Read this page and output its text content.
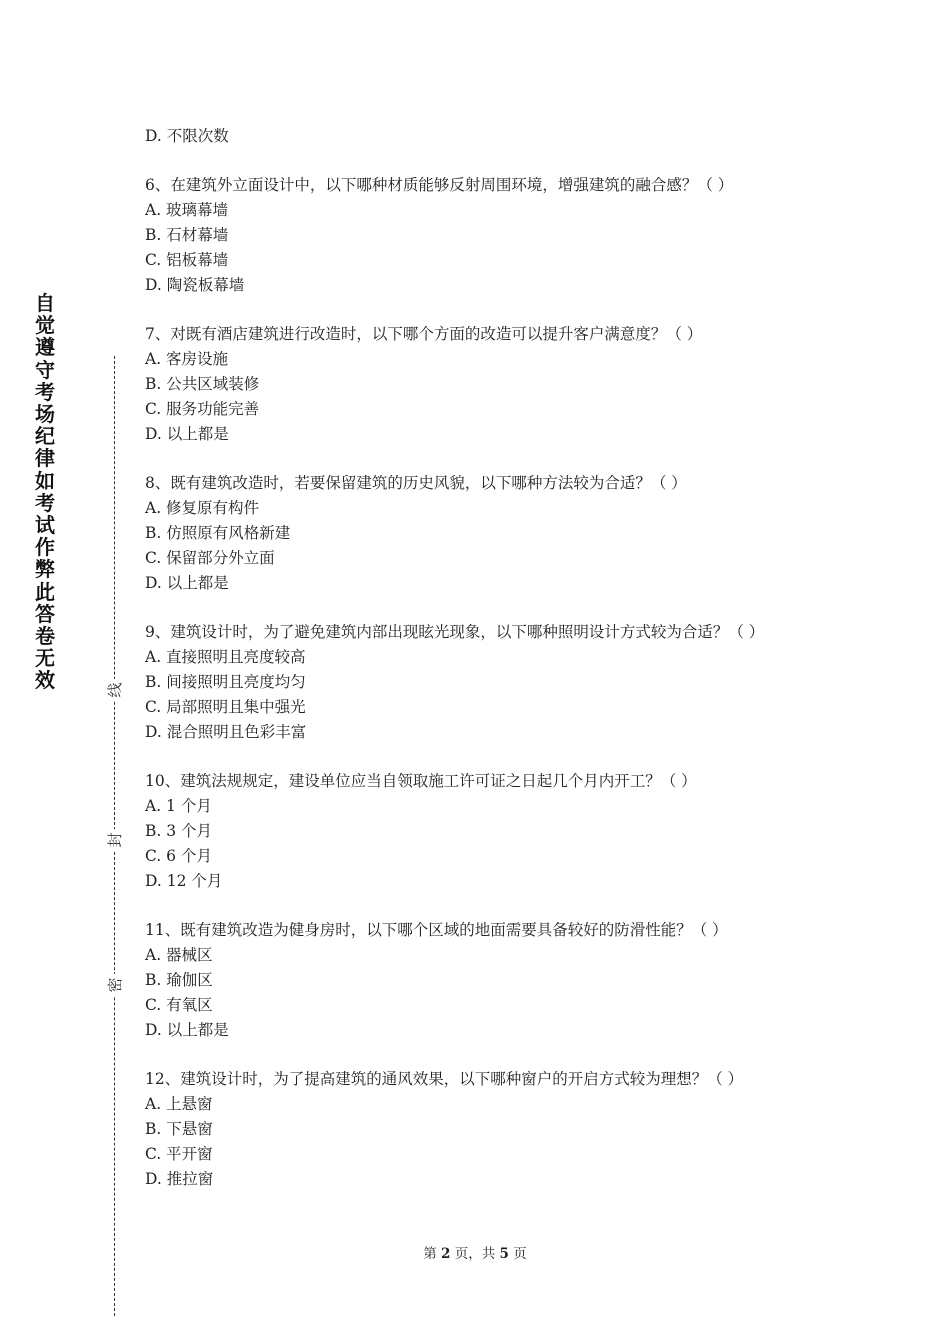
自觉遵守考场纪律如考试作弊此答卷无效	线
封
密
D. 不限次数
6、在建筑外立面设计中，以下哪种材质能够反射周围环境，增强建筑的融合感？（ ）
A. 玻璃幕墙
B. 石材幕墙
C. 铝板幕墙
D. 陶瓷板幕墙
7、对既有酒店建筑进行改造时，以下哪个方面的改造可以提升客户满意度？（ ）
A. 客房设施
B. 公共区域装修
C. 服务功能完善
D. 以上都是
8、既有建筑改造时，若要保留建筑的历史风貌，以下哪种方法较为合适？（ ）
A. 修复原有构件
B. 仿照原有风格新建
C. 保留部分外立面
D. 以上都是
9、建筑设计时，为了避免建筑内部出现眩光现象，以下哪种照明设计方式较为合适？（ ）
A. 直接照明且亮度较高
B. 间接照明且亮度均匀
C. 局部照明且集中强光
D. 混合照明且色彩丰富
10、建筑法规规定，建设单位应当自领取施工许可证之日起几个月内开工？（ ）
A. 1 个月
B. 3 个月
C. 6 个月
D. 12 个月
11、既有建筑改造为健身房时，以下哪个区域的地面需要具备较好的防滑性能？（ ）
A. 器械区
B. 瑜伽区
C. 有氧区
D. 以上都是
12、建筑设计时，为了提高建筑的通风效果，以下哪种窗户的开启方式较为理想？（ ）
A. 上悬窗
B. 下悬窗
C. 平开窗
D. 推拉窗
第 2 页，共 5 页
